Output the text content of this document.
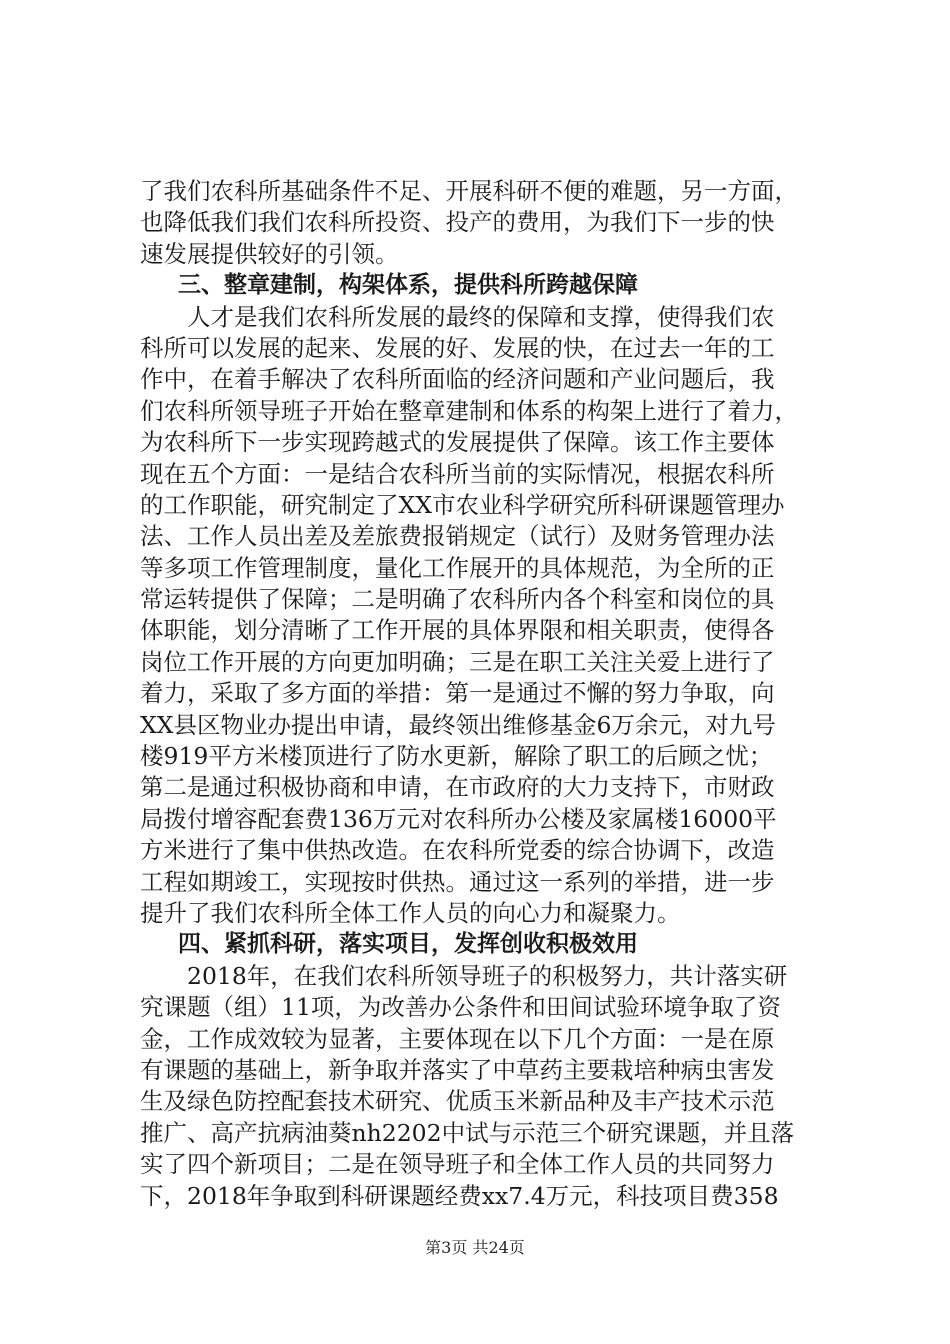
了我们农科所基础条件不足、开展科研不便的难题，另一方面，
也降低我们我们农科所投资、投产的费用，为我们下一步的快
速发展提供较好的引领。
三、整章建制，构架体系，提供科所跨越保障
人才是我们农科所发展的最终的保障和支撑，使得我们农
科所可以发展的起来、发展的好、发展的快，在过去一年的工
作中，在着手解决了农科所面临的经济问题和产业问题后，我
们农科所领导班子开始在整章建制和体系的构架上进行了着力，
为农科所下一步实现跨越式的发展提供了保障。该工作主要体
现在五个方面：一是结合农科所当前的实际情况，根据农科所
的工作职能，研究制定了XX市农业科学研究所科研课题管理办
法、工作人员出差及差旅费报销规定（试行）及财务管理办法
等多项工作管理制度，量化工作展开的具体规范，为全所的正
常运转提供了保障；二是明确了农科所内各个科室和岗位的具
体职能，划分清晰了工作开展的具体界限和相关职责，使得各
岗位工作开展的方向更加明确；三是在职工关注关爱上进行了
着力，采取了多方面的举措：第一是通过不懈的努力争取，向
XX县区物业办提出申请，最终领出维修基金6万余元，对九号
楼919平方米楼顶进行了防水更新，解除了职工的后顾之忧；
第二是通过积极协商和申请，在市政府的大力支持下，市财政
局拨付增容配套费136万元对农科所办公楼及家属楼16000平
方米进行了集中供热改造。在农科所党委的综合协调下，改造
工程如期竣工，实现按时供热。通过这一系列的举措，进一步
提升了我们农科所全体工作人员的向心力和凝聚力。
四、紧抓科研，落实项目，发挥创收积极效用
2018年，在我们农科所领导班子的积极努力，共计落实研
究课题（组）11项，为改善办公条件和田间试验环境争取了资
金，工作成效较为显著，主要体现在以下几个方面：一是在原
有课题的基础上，新争取并落实了中草药主要栽培种病虫害发
生及绿色防控配套技术研究、优质玉米新品种及丰产技术示范
推广、高产抗病油葵nh2202中试与示范三个研究课题，并且落
实了四个新项目；二是在领导班子和全体工作人员的共同努力
下，2018年争取到科研课题经费xx7.4万元，科技项目费358
第3页 共24页
